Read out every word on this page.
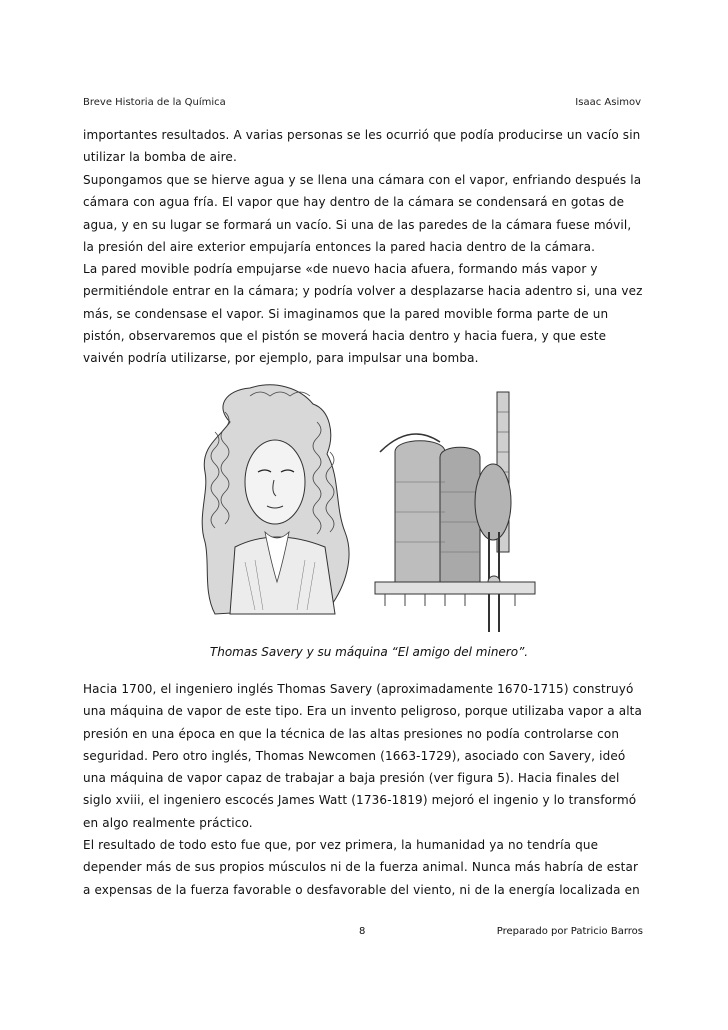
Breve Historia de la Química	Isaac Asimov

importantes resultados. A varias personas se les ocurrió que podía producirse un vacío sin utilizar la bomba de aire.

Supongamos que se hierve agua y se llena una cámara con el vapor, enfriando después la cámara con agua fría. El vapor que hay dentro de la cámara se condensará en gotas de agua, y en su lugar se formará un vacío. Si una de las paredes de la cámara fuese móvil, la presión del aire exterior empujaría entonces la pared hacia dentro de la cámara.

La pared movible podría empujarse «de nuevo hacia afuera, formando más vapor y permitiéndole entrar en la cámara; y podría volver a desplazarse hacia adentro si, una vez más, se condensase el vapor. Si imaginamos que la pared movible forma parte de un pistón, observaremos que el pistón se moverá hacia dentro y hacia fuera, y que este vaivén podría utilizarse, por ejemplo, para impulsar una bomba.

Thomas Savery y su máquina “El amigo del minero”.

Hacia 1700, el ingeniero inglés Thomas Savery (aproximadamente 1670-1715) construyó una máquina de vapor de este tipo. Era un invento peligroso, porque utilizaba vapor a alta presión en una época en que la técnica de las altas presiones no podía controlarse con seguridad. Pero otro inglés, Thomas Newcomen (1663-1729), asociado con Savery, ideó una máquina de vapor capaz de trabajar a baja presión (ver figura 5). Hacia finales del siglo xviii, el ingeniero escocés James Watt (1736-1819) mejoró el ingenio y lo transformó en algo realmente práctico.

El resultado de todo esto fue que, por vez primera, la humanidad ya no tendría que depender más de sus propios músculos ni de la fuerza animal. Nunca más habría de estar a expensas de la fuerza favorable o desfavorable del viento, ni de la energía localizada en

8	Preparado por Patricio Barros
